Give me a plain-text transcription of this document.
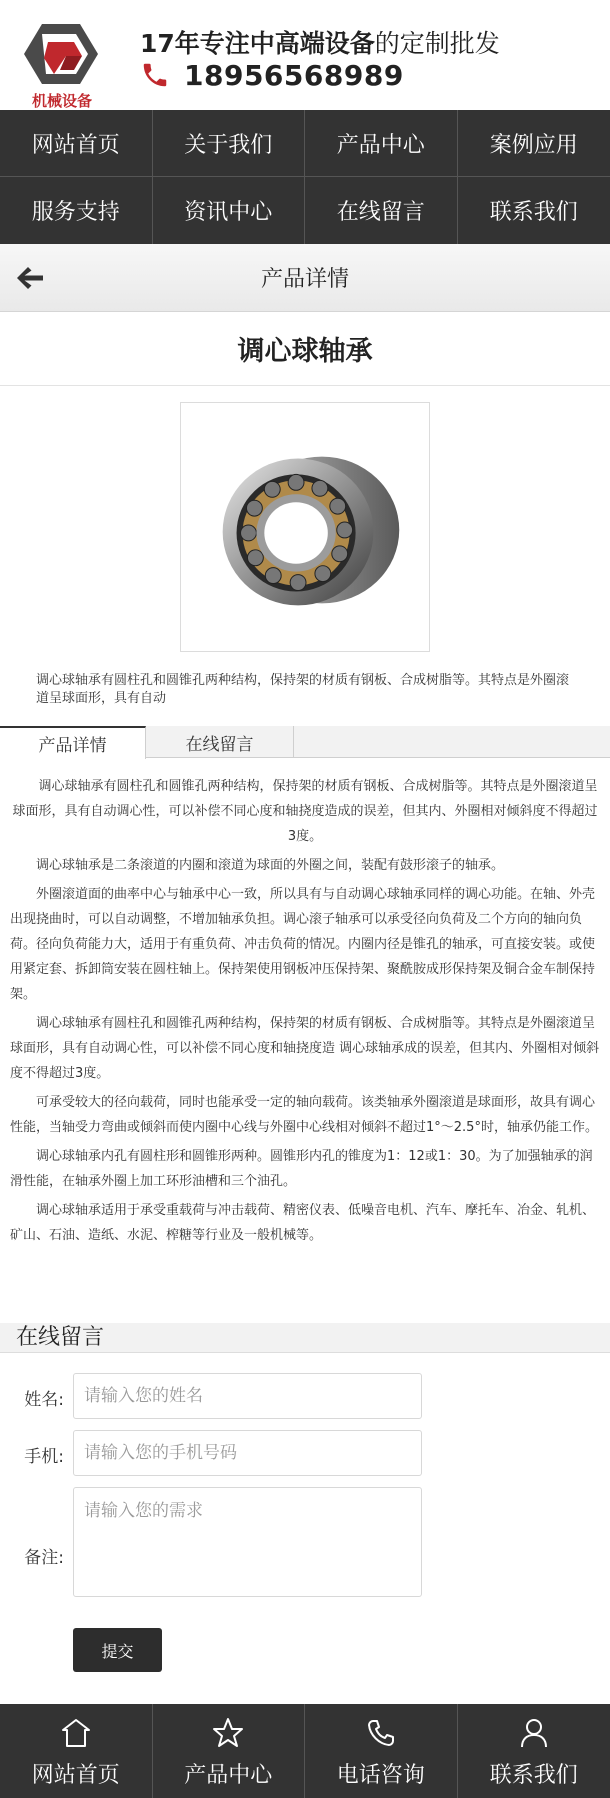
机械设备
17年专注中高端设备的定制批发
18956568989
网站首页	关于我们	产品中心	案例应用
服务支持	资讯中心	在线留言	联系我们
产品详情
调心球轴承
调心球轴承有圆柱孔和圆锥孔两种结构，保持架的材质有钢板、合成树脂等。其特点是外圈滚道呈球面形，具有自动
产品详情	在线留言

调心球轴承有圆柱孔和圆锥孔两种结构，保持架的材质有钢板、合成树脂等。其特点是外圈滚道呈球面形，具有自动调心性，可以补偿不同心度和轴挠度造成的误差，但其内、外圈相对倾斜度不得超过3度。

调心球轴承是二条滚道的内圈和滚道为球面的外圈之间，装配有鼓形滚子的轴承。

外圈滚道面的曲率中心与轴承中心一致，所以具有与自动调心球轴承同样的调心功能。在轴、外壳出现挠曲时，可以自动调整，不增加轴承负担。调心滚子轴承可以承受径向负荷及二个方向的轴向负荷。径向负荷能力大，适用于有重负荷、冲击负荷的情况。内圈内径是锥孔的轴承，可直接安装。或使用紧定套、拆卸筒安装在圆柱轴上。保持架使用钢板冲压保持架、聚酰胺成形保持架及铜合金车制保持架。

调心球轴承有圆柱孔和圆锥孔两种结构，保持架的材质有钢板、合成树脂等。其特点是外圈滚道呈球面形，具有自动调心性，可以补偿不同心度和轴挠度造 调心球轴承成的误差，但其内、外圈相对倾斜度不得超过3度。

可承受较大的径向载荷，同时也能承受一定的轴向载荷。该类轴承外圈滚道是球面形，故具有调心性能，当轴受力弯曲或倾斜而使内圈中心线与外圈中心线相对倾斜不超过1°～2.5°时，轴承仍能工作。

调心球轴承内孔有圆柱形和圆锥形两种。圆锥形内孔的锥度为1：12或1：30。为了加强轴承的润滑性能，在轴承外圈上加工环形油槽和三个油孔。

调心球轴承适用于承受重载荷与冲击载荷、精密仪表、低噪音电机、汽车、摩托车、冶金、轧机、矿山、石油、造纸、水泥、榨糖等行业及一般机械等。

在线留言
姓名:
请输入您的姓名
手机:
请输入您的手机号码
备注:
请输入您的需求
提交
网站首页	产品中心	电话咨询	联系我们
